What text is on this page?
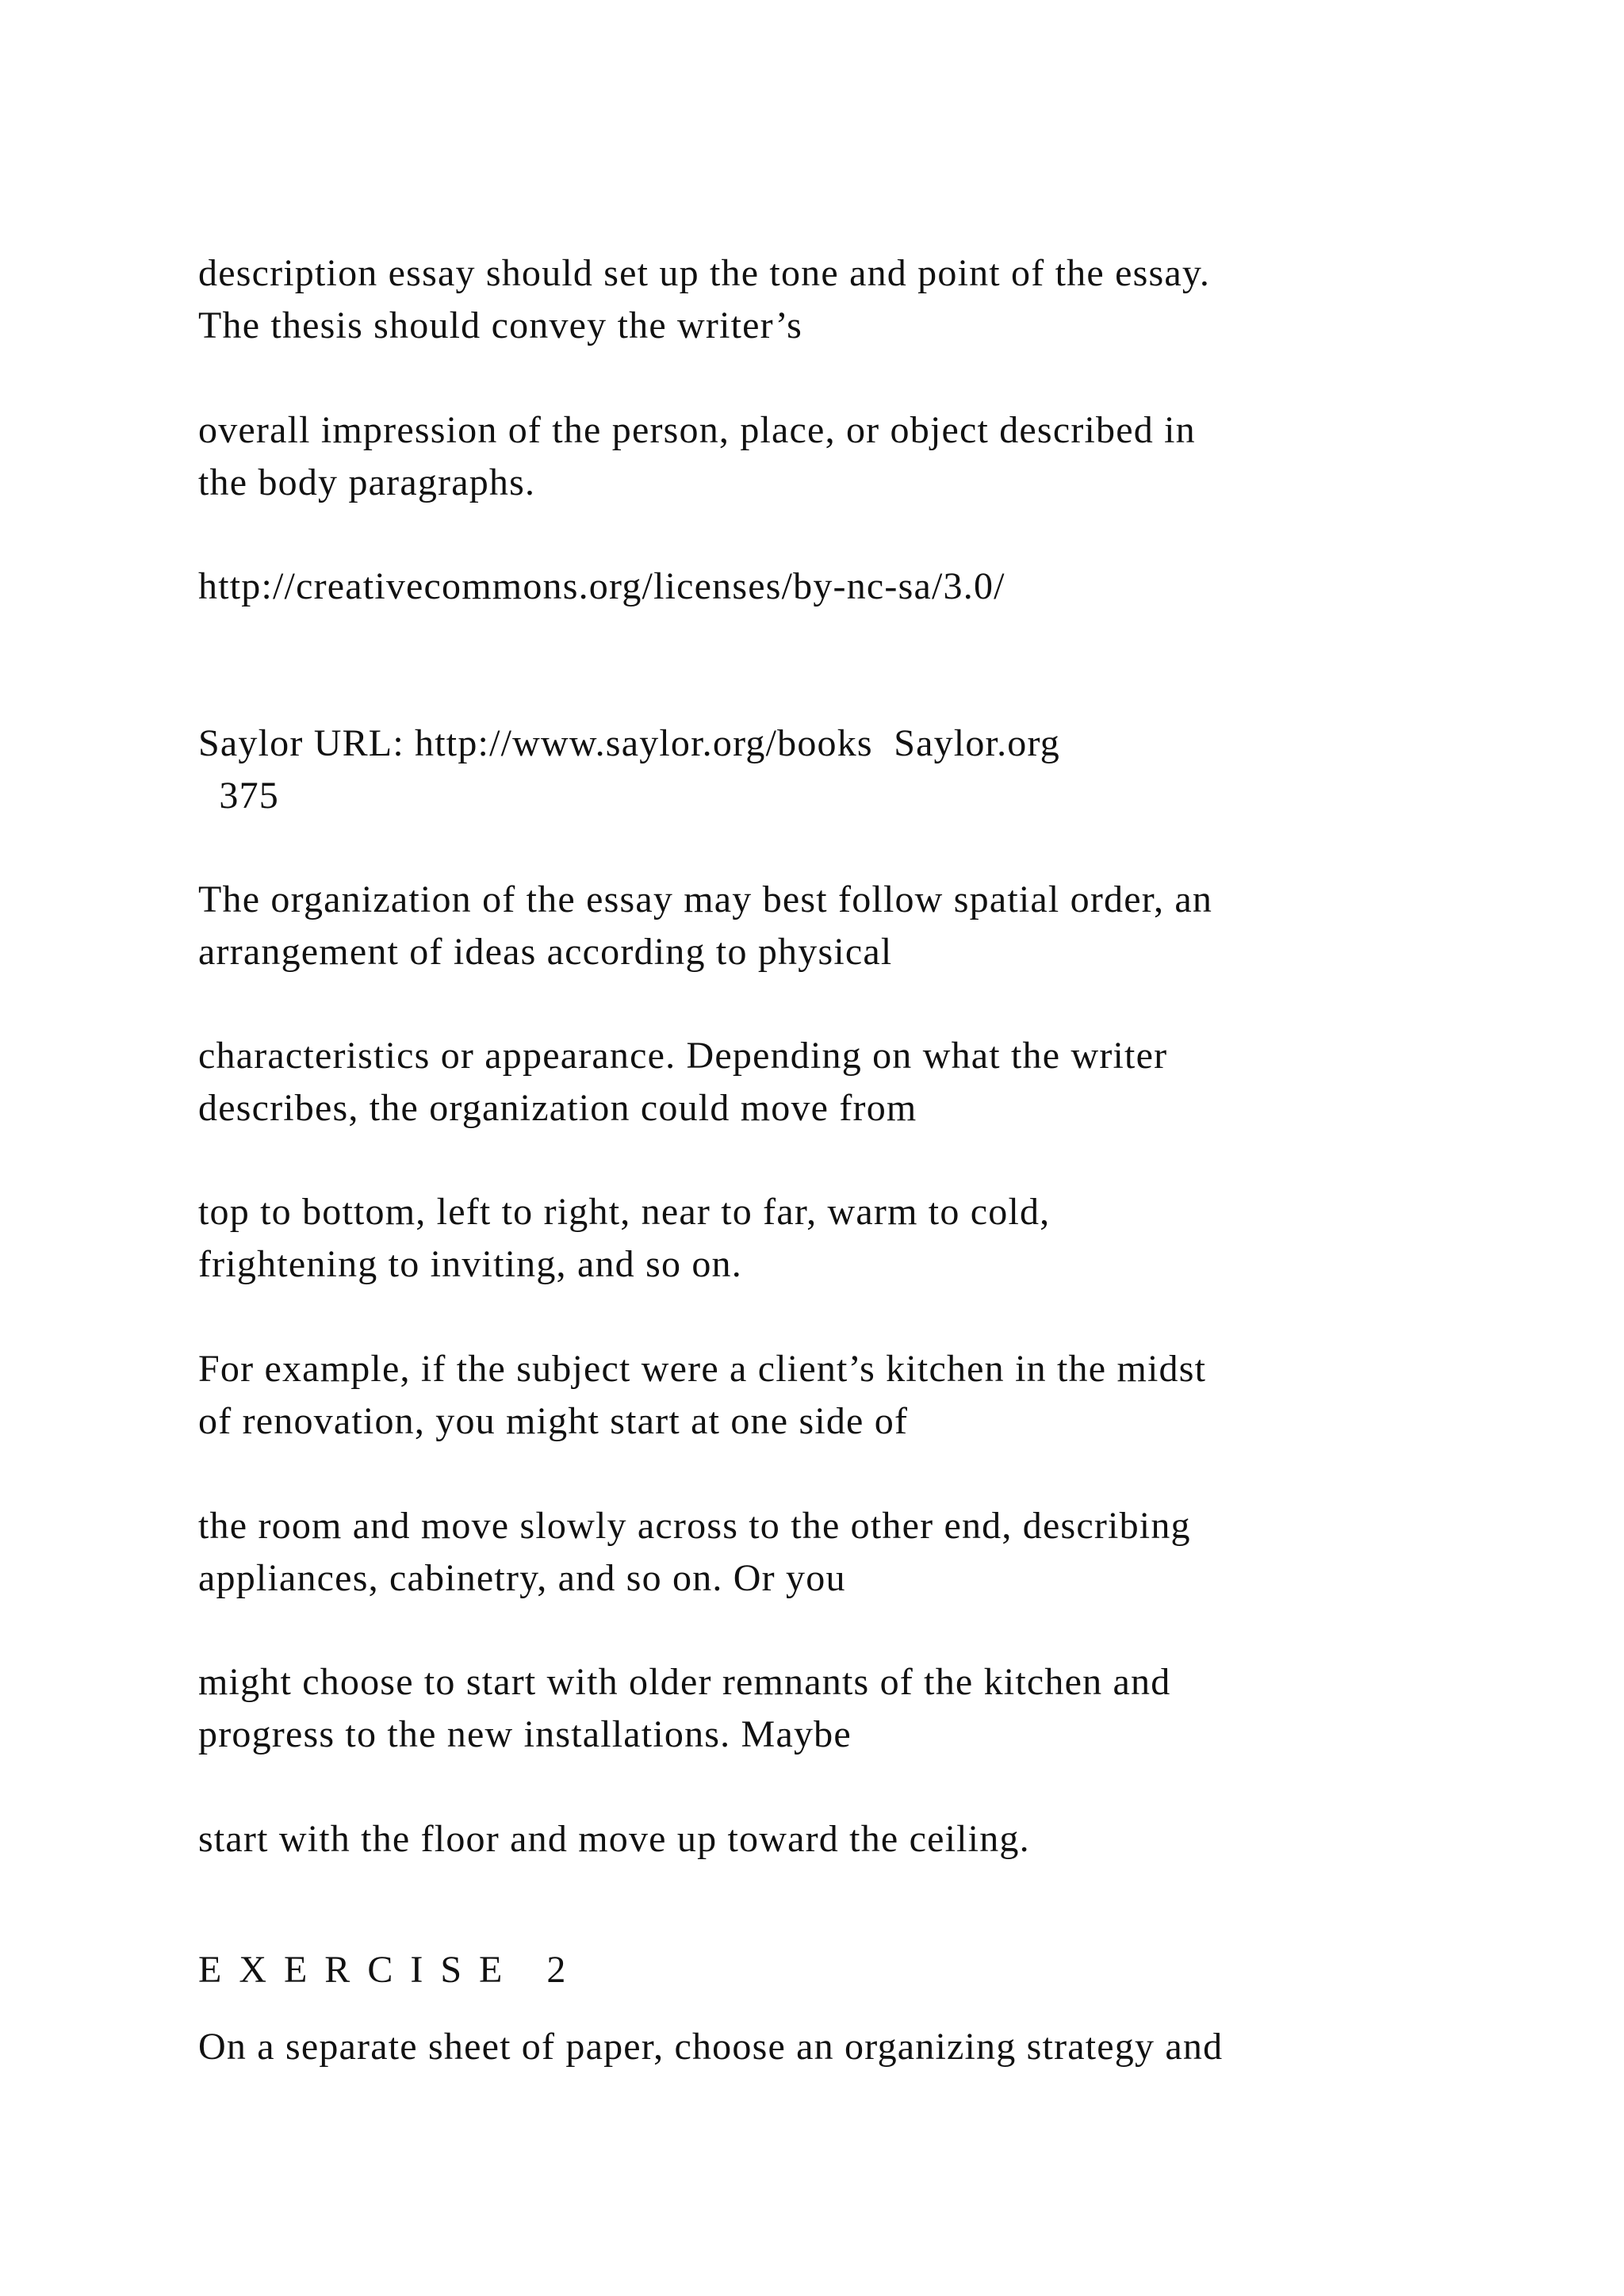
description essay should set up the tone and point of the essay.
The thesis should convey the writer’s

overall impression of the person, place, or object described in
the body paragraphs.

http://creativecommons.org/licenses/by-nc-sa/3.0/

Saylor URL: http://www.saylor.org/books  Saylor.org
375

The organization of the essay may best follow spatial order, an
arrangement of ideas according to physical

characteristics or appearance. Depending on what the writer
describes, the organization could move from

top to bottom, left to right, near to far, warm to cold,
frightening to inviting, and so on.

For example, if the subject were a client’s kitchen in the midst
of renovation, you might start at one side of

the room and move slowly across to the other end, describing
appliances, cabinetry, and so on. Or you

might choose to start with older remnants of the kitchen and
progress to the new installations. Maybe

start with the floor and move up toward the ceiling.

EXERCISE 2

On a separate sheet of paper, choose an organizing strategy and
